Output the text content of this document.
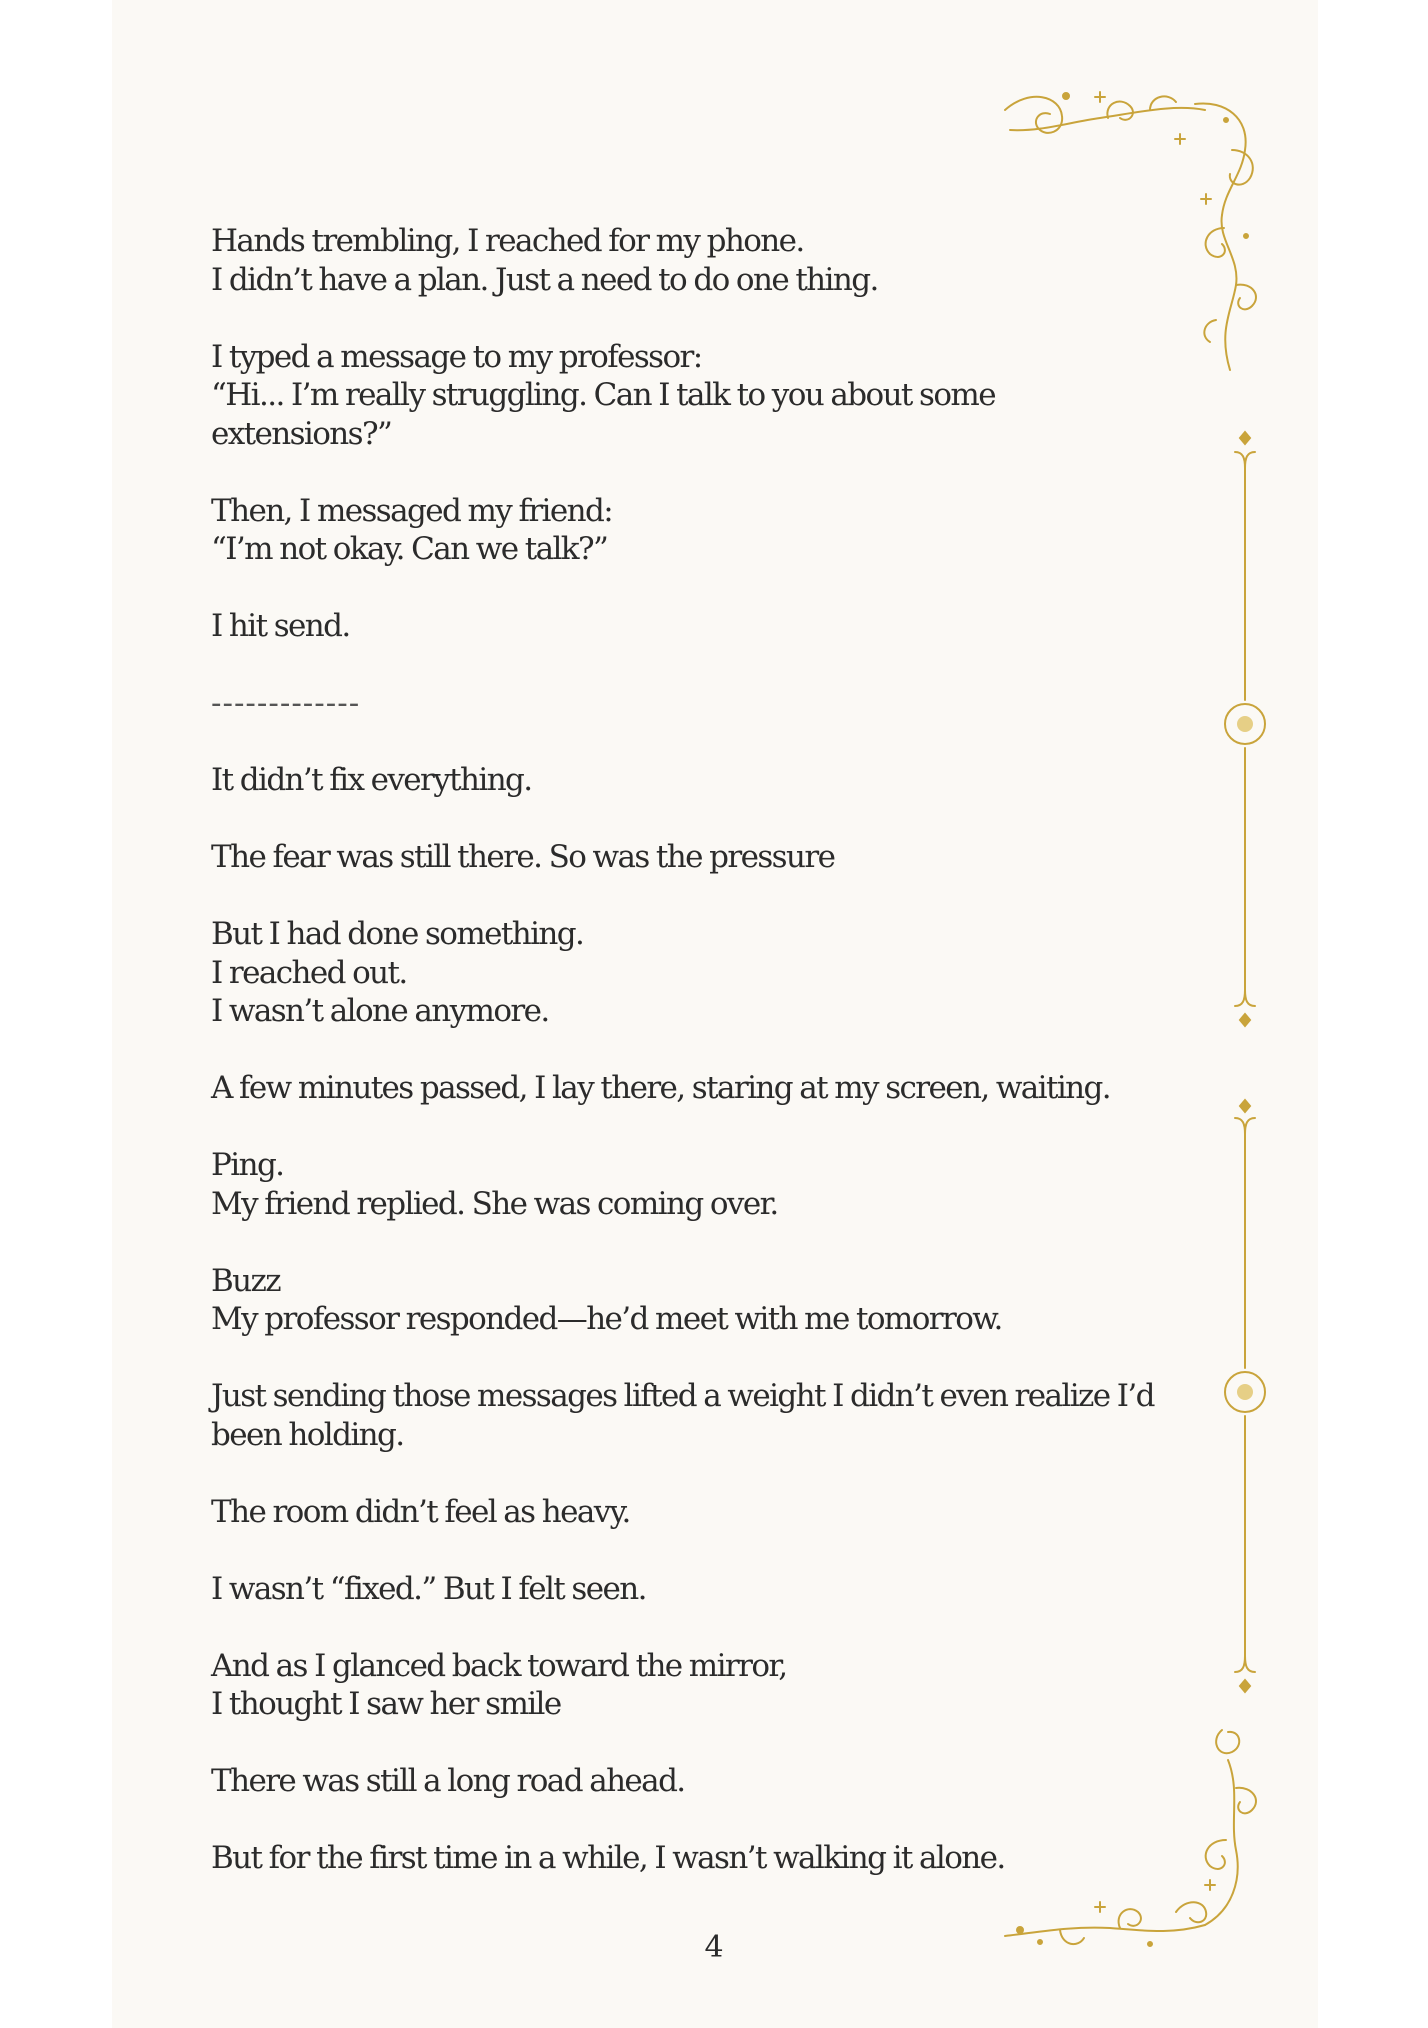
Hands trembling, I reached for my phone.
I didn’t have a plan. Just a need to do one thing.

I typed a message to my professor:
“Hi... I’m really struggling. Can I talk to you about some extensions?”

Then, I messaged my friend:
“I’m not okay. Can we talk?”

I hit send.

-------------

It didn’t fix everything.

The fear was still there. So was the pressure

But I had done something.
I reached out.
I wasn’t alone anymore.

A few minutes passed, I lay there, staring at my screen, waiting.

Ping.
My friend replied. She was coming over.

Buzz
My professor responded—he’d meet with me tomorrow.

Just sending those messages lifted a weight I didn’t even realize I’d
been holding.

The room didn’t feel as heavy.

I wasn’t “fixed.” But I felt seen.

And as I glanced back toward the mirror,
I thought I saw her smile

There was still a long road ahead.

But for the first time in a while, I wasn’t walking it alone.

4
